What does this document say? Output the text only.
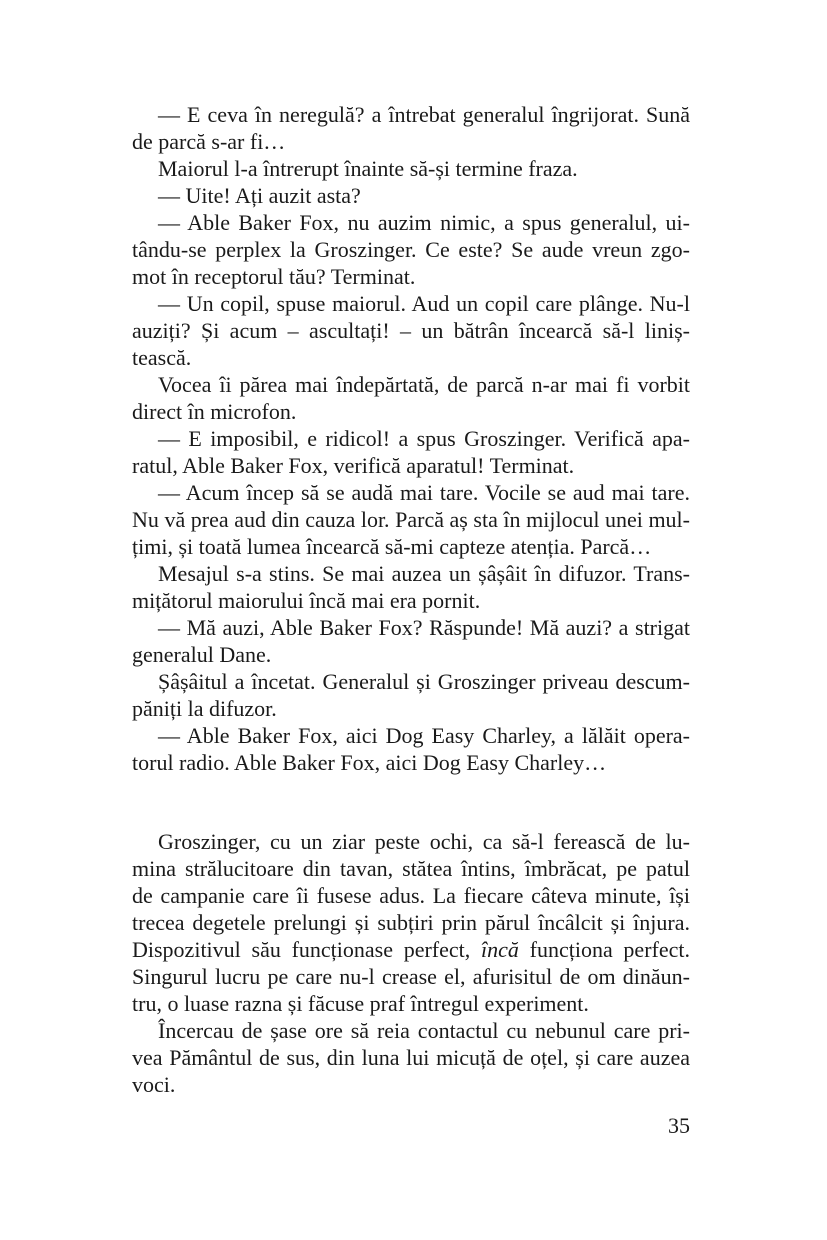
— E ceva în neregulă? a întrebat generalul îngrijorat. Sună
de parcă s-ar fi…
Maiorul l-a întrerupt înainte să-și termine fraza.
— Uite! Ați auzit asta?
— Able Baker Fox, nu auzim nimic, a spus generalul, ui-
tându-se perplex la Groszinger. Ce este? Se aude vreun zgo-
mot în receptorul tău? Terminat.
— Un copil, spuse maiorul. Aud un copil care plânge. Nu-l
auziți? Și acum – ascultați! – un bătrân încearcă să-l liniș-
tească.
Vocea îi părea mai îndepărtată, de parcă n-ar mai fi vorbit
direct în microfon.
— E imposibil, e ridicol! a spus Groszinger. Verifică apa-
ratul, Able Baker Fox, verifică aparatul! Terminat.
— Acum încep să se audă mai tare. Vocile se aud mai tare.
Nu vă prea aud din cauza lor. Parcă aș sta în mijlocul unei mul-
țimi, și toată lumea încearcă să-mi capteze atenția. Parcă…
Mesajul s-a stins. Se mai auzea un șâșâit în difuzor. Trans-
mițătorul maiorului încă mai era pornit.
— Mă auzi, Able Baker Fox? Răspunde! Mă auzi? a strigat
generalul Dane.
Șâșâitul a încetat. Generalul și Groszinger priveau descum-
păniți la difuzor.
— Able Baker Fox, aici Dog Easy Charley, a lălăit opera-
torul radio. Able Baker Fox, aici Dog Easy Charley…
Groszinger, cu un ziar peste ochi, ca să-l ferească de lu-
mina strălucitoare din tavan, stătea întins, îmbrăcat, pe patul
de campanie care îi fusese adus. La fiecare câteva minute, își
trecea degetele prelungi și subțiri prin părul încâlcit și înjura.
Dispozitivul său funcționase perfect, încă funcționa perfect.
Singurul lucru pe care nu-l crease el, afurisitul de om dinăun-
tru, o luase razna și făcuse praf întregul experiment.
Încercau de șase ore să reia contactul cu nebunul care pri-
vea Pământul de sus, din luna lui micuță de oțel, și care auzea
voci.
35
